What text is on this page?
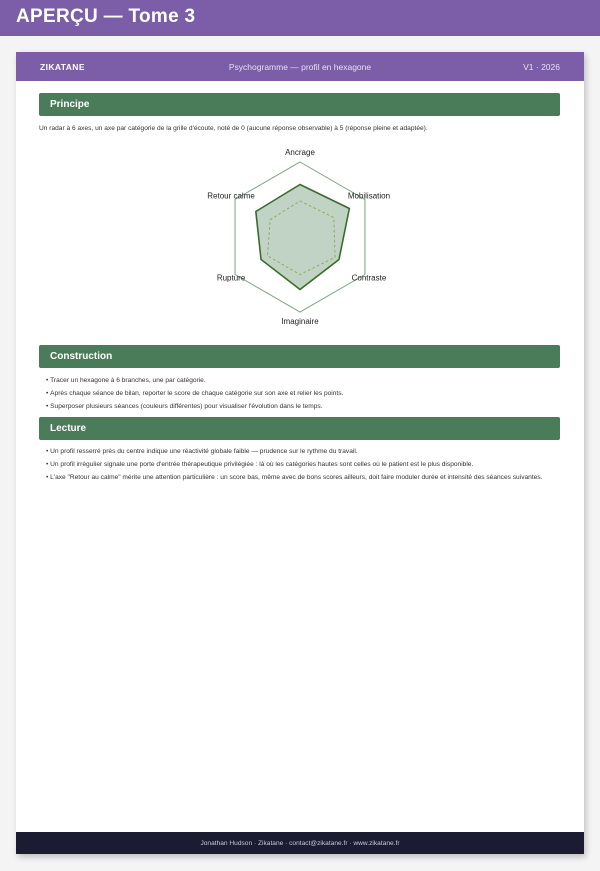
APERÇU — Tome 3
ZIKATANE	Psychogramme — profil en hexagone	V1 · 2026
Principe
Un radar à 6 axes, un axe par catégorie de la grille d'écoute, noté de 0 (aucune réponse observable) à 5 (réponse pleine et adaptée).
Ancrage
Mobilisation
Contraste
Imaginaire
Rupture
Retour calme
Construction
• Tracer un hexagone à 6 branches, une par catégorie.
• Après chaque séance de bilan, reporter le score de chaque catégorie sur son axe et relier les points.
• Superposer plusieurs séances (couleurs différentes) pour visualiser l'évolution dans le temps.
Lecture
• Un profil resserré près du centre indique une réactivité globale faible — prudence sur le rythme du travail.
• Un profil irrégulier signale une porte d'entrée thérapeutique privilégiée : là où les catégories hautes sont celles où le patient est le plus disponible.
• L'axe "Retour au calme" mérite une attention particulière : un score bas, même avec de bons scores ailleurs, doit faire moduler durée et intensité des séances suivantes.
Jonathan Hudson · Zikatane · contact@zikatane.fr · www.zikatane.fr
